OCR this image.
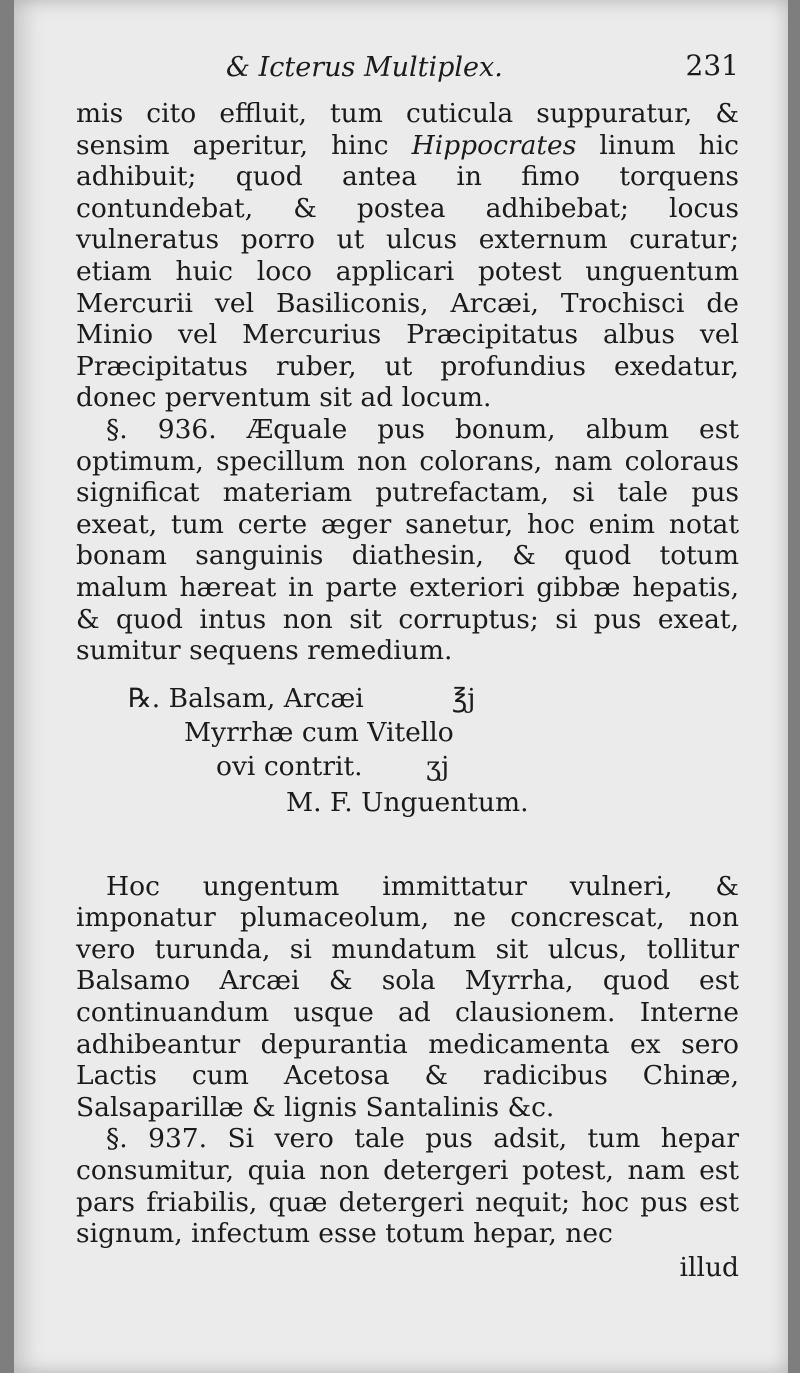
& Icterus Multiplex.	231

mis cito effluit, tum cuticula suppuratur, & sensim aperitur, hinc Hippocrates linum hic adhibuit; quod antea in fimo torquens contundebat, & postea adhibebat; locus vulneratus porro ut ulcus externum curatur; etiam huic loco applicari potest unguentum Mercurii vel Basiliconis, Arcæi, Trochisci de Minio vel Mercurius Præcipitatus albus vel Præcipitatus ruber, ut profundius exedatur, donec perventum sit ad locum.

§. 936. Æquale pus bonum, album est optimum, specillum non colorans, nam coloraus significat materiam putrefactam, si tale pus exeat, tum certe æger sanetur, hoc enim notat bonam sanguinis diathesin, & quod totum malum hæreat in parte exteriori gibbæ hepatis, & quod intus non sit corruptus; si pus exeat, sumitur sequens remedium.

℞. Balsam, Arcæi	℥j
Myrrhæ cum Vitello
ovi contrit. ʒj
M. F. Unguentum.

Hoc ungentum immittatur vulneri, & imponatur plumaceolum, ne concrescat, non vero turunda, si mundatum sit ulcus, tollitur Balsamo Arcæi & sola Myrrha, quod est continuandum usque ad clausionem. Interne adhibeantur depurantia medicamenta ex sero Lactis cum Acetosa & radicibus Chinæ, Salsaparillæ & lignis Santalinis &c.

§. 937. Si vero tale pus adsit, tum hepar consumitur, quia non detergeri potest, nam est pars friabilis, quæ detergeri nequit; hoc pus est signum, infectum esse totum hepar, nec

illud
